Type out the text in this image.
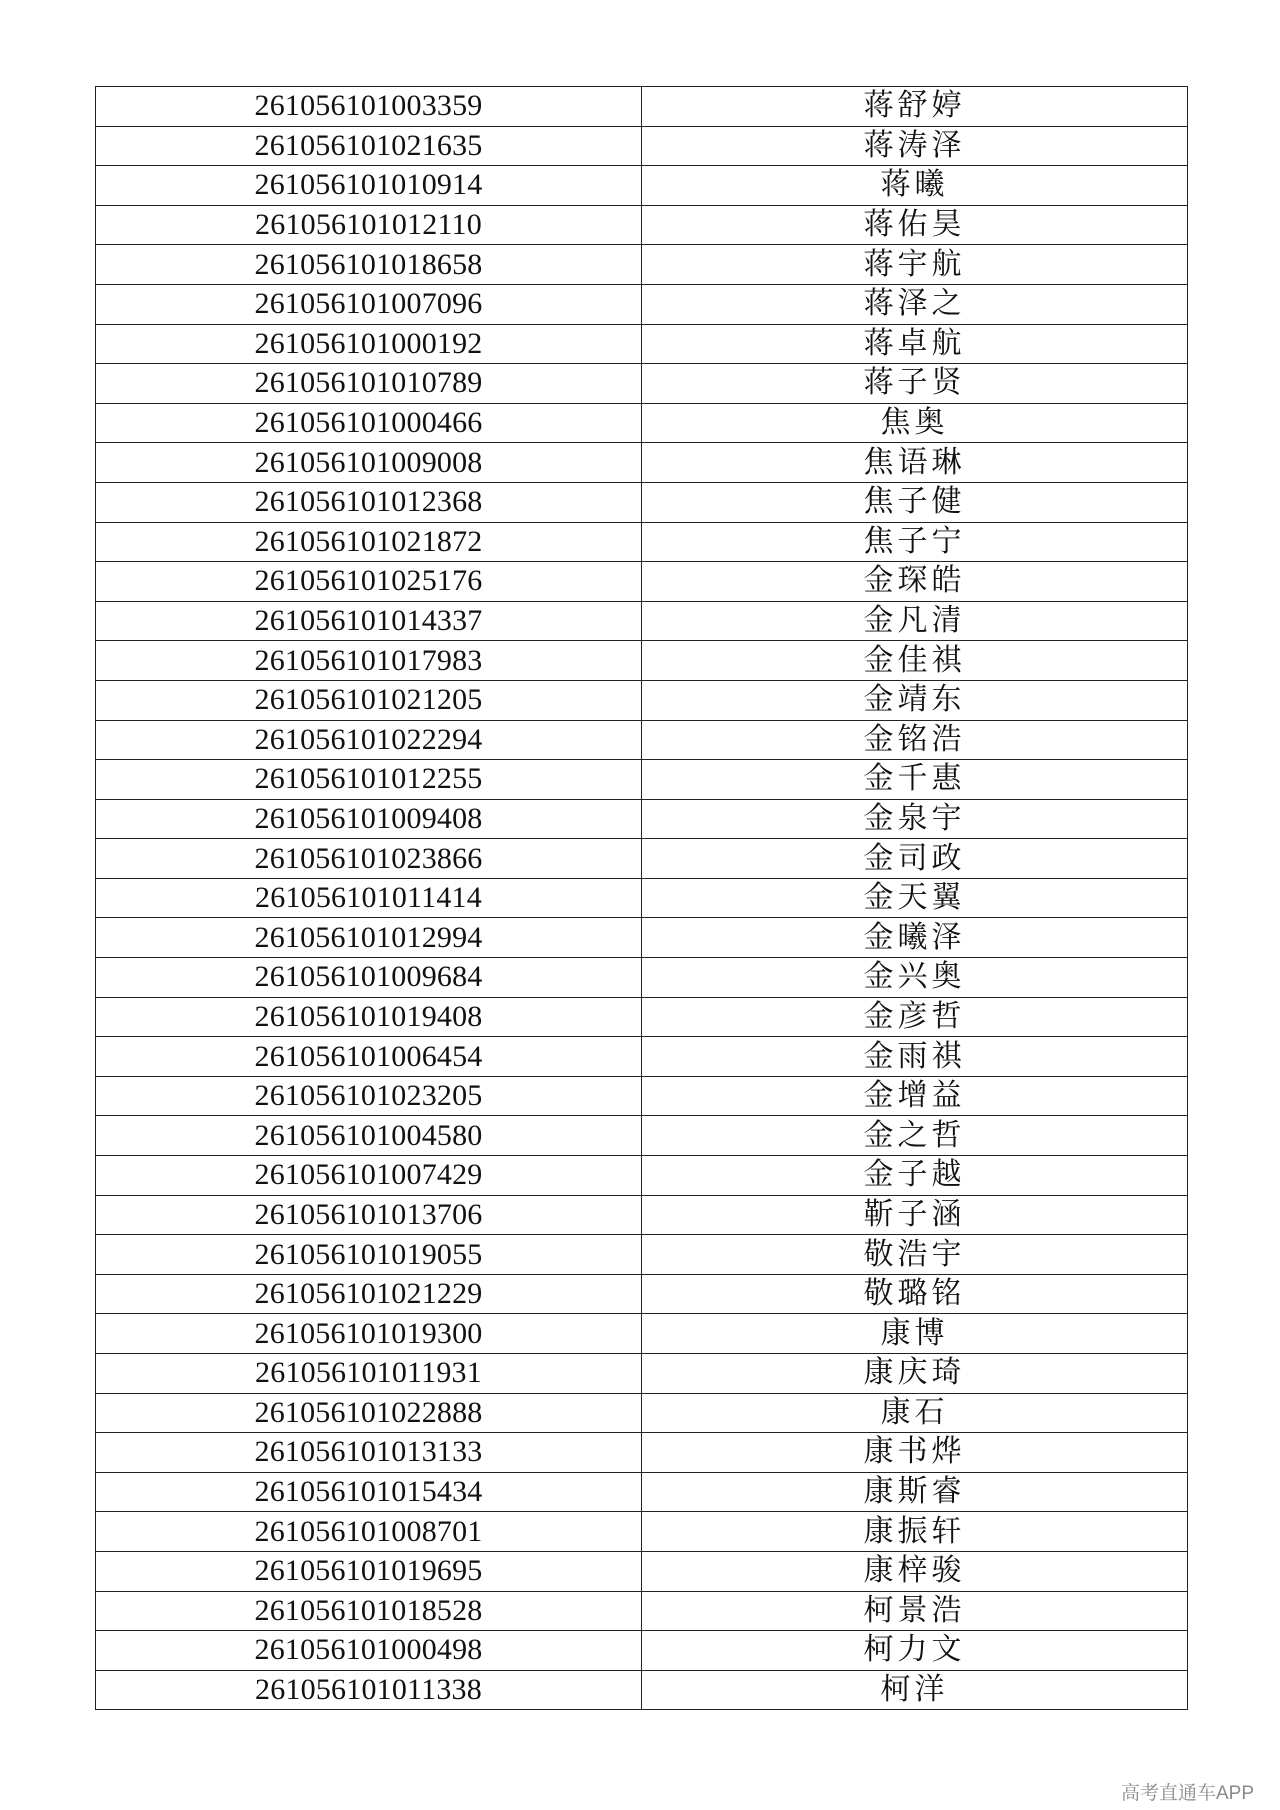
261056101003359	蒋舒婷
261056101021635	蒋涛泽
261056101010914	蒋曦
261056101012110	蒋佑昊
261056101018658	蒋宇航
261056101007096	蒋泽之
261056101000192	蒋卓航
261056101010789	蒋子贤
261056101000466	焦奥
261056101009008	焦语琳
261056101012368	焦子健
261056101021872	焦子宁
261056101025176	金琛皓
261056101014337	金凡清
261056101017983	金佳祺
261056101021205	金靖东
261056101022294	金铭浩
261056101012255	金千惠
261056101009408	金泉宇
261056101023866	金司政
261056101011414	金天翼
261056101012994	金曦泽
261056101009684	金兴奥
261056101019408	金彦哲
261056101006454	金雨祺
261056101023205	金增益
261056101004580	金之哲
261056101007429	金子越
261056101013706	靳子涵
261056101019055	敬浩宇
261056101021229	敬璐铭
261056101019300	康博
261056101011931	康庆琦
261056101022888	康石
261056101013133	康书烨
261056101015434	康斯睿
261056101008701	康振轩
261056101019695	康梓骏
261056101018528	柯景浩
261056101000498	柯力文
261056101011338	柯洋
高考直通车APP
